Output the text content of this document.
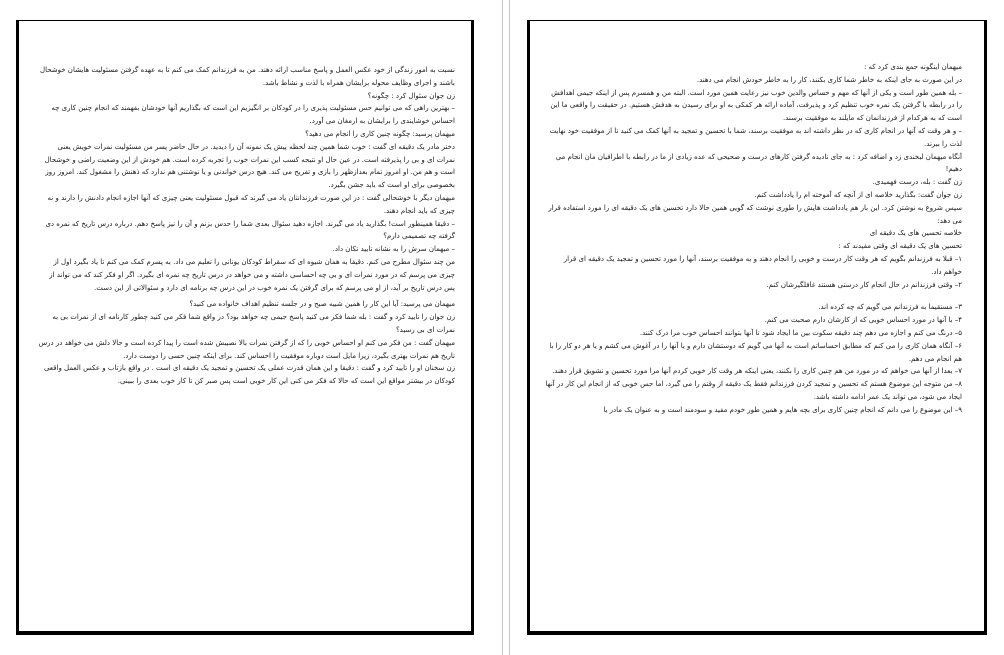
نسبت به امور زندگی از خود عکس العمل و پاسخ مناسب ارائه دهند. من به فرزندانم کمک می کنم تا به عهده گرفتن مسئولیت هایشان خوشحال باشند و اجرای وظایف محوله برایشان همراه با لذت و نشاط باشد.

زن جوان سئوال کرد : چگونه؟

– بهترین راهی که می توانیم حس مسئولیت پذیری را در کودکان بر انگیزیم این است که بگذاریم آنها خودشان بفهمند که انجام چنین کاری چه احساس خوشایندی را برایشان به ارمغان می آورد.

میهمان پرسید: چگونه چنین کاری را انجام می دهید؟

دختر مادر یک دقیقه ای گفت : خوب شما همین چند لحظه پیش یک نمونه آن را دیدید. در حال حاضر پسر من مسئولیت نمرات خویش یعنی نمرات ای و بی را پذیرفته است. در عین حال او نتیجه کسب این نمرات خوب را تجربه کرده است. هم خودش از این وضعیت راضی و خوشحال است و هم من. او امروز تمام بعدازظهر را بازی و تفریح می کند. هیچ درس خواندنی و یا نوشتنی هم ندارد که ذهنش را مشغول کند. امروز روز بخصوصی برای او است که باید جشن بگیرد.

میهمان دیگر با خوشحالی گفت : در این صورت فرزندانتان یاد می گیرند که قبول مسئولیت یعنی چیزی که آنها اجازه انجام دادنش را دارند و نه چیزی که باید انجام دهند.

– دقیقا همینطور است! بگذارید یاد می گیرند. اجازه دهید سئوال بعدی شما را حدس بزنم و آن را نیز پاسخ دهم. درباره درس تاریخ که نمره دی گرفته چه تصمیمی دارم؟

– میهمان سرش را به نشانه تایید تکان داد.

من چند سئوال مطرح می کنم. دقیقا به همان شیوه ای که سقراط کودکان یونانی را تعلیم می داد. به پسرم کمک می کنم تا یاد بگیرد اول از چیزی می پرسم که در مورد نمرات ای و بی چه احساسی داشته و می خواهد در درس تاریخ چه نمره ای بگیرد. اگر او فکر کند که می تواند از پس درس تاریخ بر آید، از او می پرسم که برای گرفتن یک نمره خوب در این درس چه برنامه ای دارد و سئوالاتی از این دست.

میهمان می پرسید: آیا این کار را همین شبیه صبح و در جلسه تنظیم اهداف خانواده می کنید؟

زن جوان را تایید کرد و گفت : بله شما فکر می کنید پاسخ جیمی چه خواهد بود؟ در واقع شما فکر می کنید چطور کارنامه ای از نمرات بی به نمرات ای بی رسید؟

میهمان گفت : من فکر می کنم او احساس خوبی را که از گرفتن نمرات بالا نصیبش شده است را پیدا کرده است و حالا دلش می خواهد در درس تاریخ هم نمرات بهتری بگیرد، زیرا مایل است دوباره موفقیت را احساس کند. برای اینکه چنین حسی را دوست دارد.

زن سخنان او را تایید کرد و گفت : دقیقا و این همان قدرت عملی یک تحسین و تمجید یک دقیقه ای است . در واقع بازتاب و عکس العمل واقعی کودکان در بیشتر مواقع این است که حالا که فکر می کنی این کار خوبی است پس صبر کن تا کار خوب بعدی را ببینی.

میهمان اینگونه جمع بندی کرد که :

در این صورت به جای اینکه به خاطر شما کاری بکنند، کار را به خاطر خودش انجام می دهند.

– بله همین طور است و یکی از آنها که مهم و حساس والدین خوب نیز رعایت همین مورد است. البته من و همسرم پس از اینکه جیمی اهدافش را در رابطه با گرفتن یک نمره خوب تنظیم کرد و پذیرفت، آماده ارائه هر کمکی به او برای رسیدن به هدفش هستیم. در حقیقت را واقعی ما این است که به هرکدام از فرزندانمان که مایلند به موفقیت برسند.

– و هر وقت که آنها در انجام کاری که در نظر داشته اند به موفقیت برسند، شما با تحسین و تمجید به آنها کمک می کنید تا از موفقیت خود نهایت لذت را ببرند.

آنگاه میهمان لبخندی زد و اضافه کرد : به جای نادیده گرفتن کارهای درست و صحیحی که عده زیادی از ما در رابطه با اطرافیان مان انجام می دهیم!

زن گفت : بله، درست فهمیدی.

زن جوان گفت: بگذارید خلاصه ای از آنچه که آموخته ام را یادداشت کنم.

سپس شروع به نوشتن کرد. این بار هم یادداشت هایش را طوری نوشت که گویی همین حالا دارد تحسین های یک دقیقه ای را مورد استفاده قرار می دهد:

خلاصه تحسین های یک دقیقه ای

تحسین های یک دقیقه ای وقتی مفیدند که :

۱– قبلا به فرزندانم بگویم که هر وقت کار درست و خوبی را انجام دهند و به موفقیت برسند، آنها را مورد تحسین و تمجید یک دقیقه ای قرار خواهم داد.

۲– وقتی فرزندانم در حال انجام کار درستی هستند غافلگیرشان کنم.

۳– مستقیما به فرزندانم می گویم که چه کرده اند.

۴– با آنها در مورد احساس خوبی که از کارشان دارم صحبت می کنم.

۵– درنگ می کنم و اجازه می دهم چند دقیقه سکوت بین ما ایجاد شود تا آنها بتوانند احساس خوب مرا درک کنند.

۶– آنگاه همان کاری را می کنم که مطابق احساساتم است به آنها می گویم که دوستشان دارم و یا آنها را در آغوش می کشم و یا هر دو کار را با هم انجام می دهم.

۷– بعدا از آنها می خواهم که در مورد من هم چنین کاری را بکنند، یعنی اینکه هر وقت کار خوبی کردم آنها مرا مورد تحسین و تشویق قرار دهند.

۸– من متوجه این موضوع هستم که تحسین و تمجید کردن فرزندانم فقط یک دقیقه از وقتم را می گیرد، اما حس خوبی که از انجام این کار در آنها ایجاد می شود، می تواند یک عمر ادامه داشته باشد.

۹– این موضوع را می دانم که انجام چنین کاری برای بچه هایم و همین طور خودم مفید و سودمند است و به عنوان یک مادر یا
